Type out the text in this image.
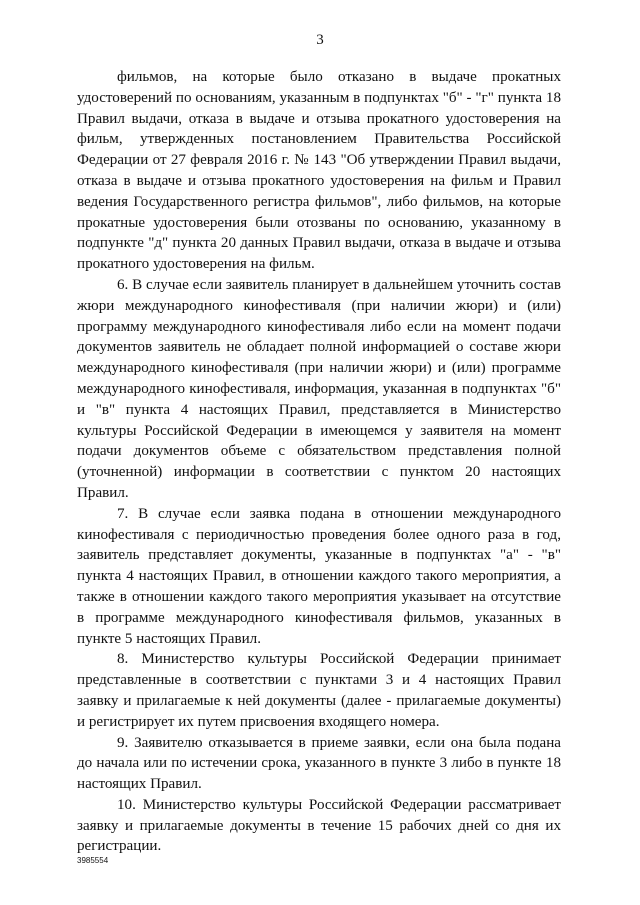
3

фильмов, на которые было отказано в выдаче прокатных удостоверений по основаниям, указанным в подпунктах "б" - "г" пункта 18 Правил выдачи, отказа в выдаче и отзыва прокатного удостоверения на фильм, утвержденных постановлением Правительства Российской Федерации от 27 февраля 2016 г. № 143 "Об утверждении Правил выдачи, отказа в выдаче и отзыва прокатного удостоверения на фильм и Правил ведения Государственного регистра фильмов", либо фильмов, на которые прокатные удостоверения были отозваны по основанию, указанному в подпункте "д" пункта 20 данных Правил выдачи, отказа в выдаче и отзыва прокатного удостоверения на фильм.

6. В случае если заявитель планирует в дальнейшем уточнить состав жюри международного кинофестиваля (при наличии жюри) и (или) программу международного кинофестиваля либо если на момент подачи документов заявитель не обладает полной информацией о составе жюри международного кинофестиваля (при наличии жюри) и (или) программе международного кинофестиваля, информация, указанная в подпунктах "б" и "в" пункта 4 настоящих Правил, представляется в Министерство культуры Российской Федерации в имеющемся у заявителя на момент подачи документов объеме с обязательством представления полной (уточненной) информации в соответствии с пунктом 20 настоящих Правил.

7. В случае если заявка подана в отношении международного кинофестиваля с периодичностью проведения более одного раза в год, заявитель представляет документы, указанные в подпунктах "а" - "в" пункта 4 настоящих Правил, в отношении каждого такого мероприятия, а также в отношении каждого такого мероприятия указывает на отсутствие в программе международного кинофестиваля фильмов, указанных в пункте 5 настоящих Правил.

8. Министерство культуры Российской Федерации принимает представленные в соответствии с пунктами 3 и 4 настоящих Правил заявку и прилагаемые к ней документы (далее - прилагаемые документы) и регистрирует их путем присвоения входящего номера.

9. Заявителю отказывается в приеме заявки, если она была подана до начала или по истечении срока, указанного в пункте 3 либо в пункте 18 настоящих Правил.

10. Министерство культуры Российской Федерации рассматривает заявку и прилагаемые документы в течение 15 рабочих дней со дня их регистрации.

3985554
